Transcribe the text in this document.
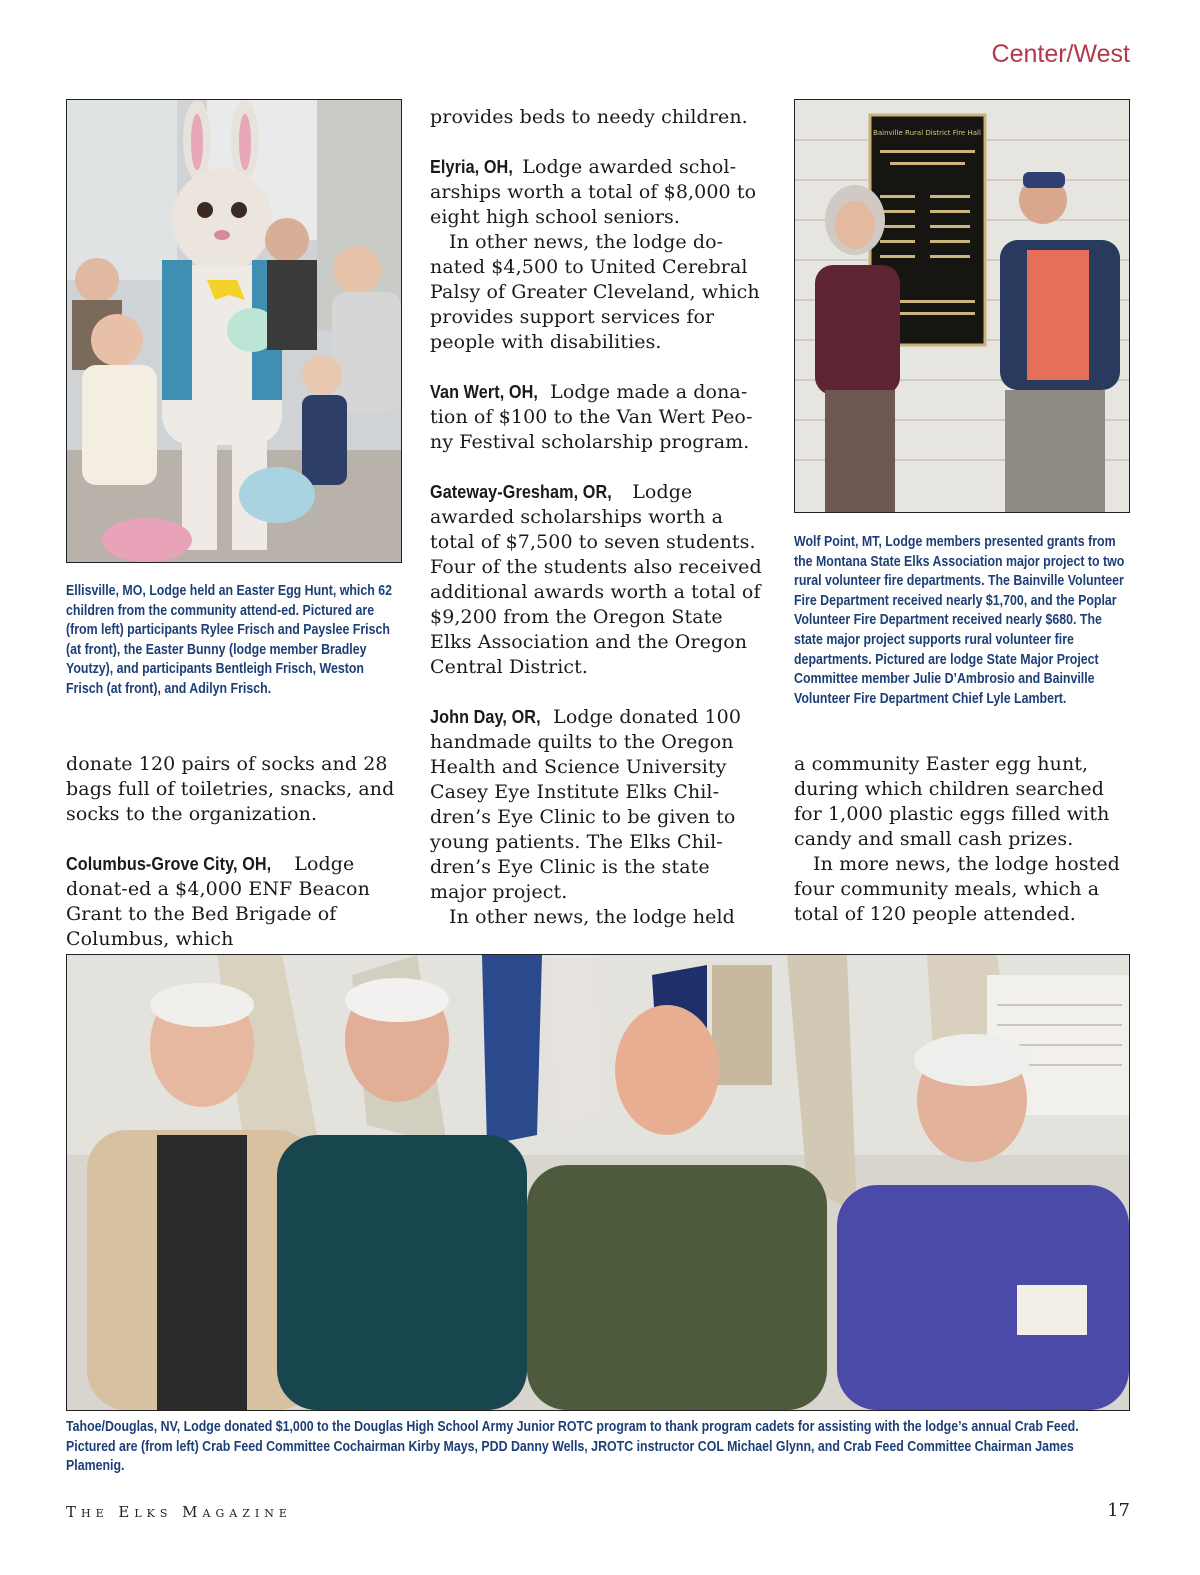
Center/West
Ellisville, MO, Lodge held an Easter Egg Hunt, which 62 children from the community attend-ed. Pictured are (from left) participants Rylee Frisch and Payslee Frisch (at front), the Easter Bunny (lodge member Bradley Youtzy), and participants Bentleigh Frisch, Weston Frisch (at front), and Adilyn Frisch.

donate 120 pairs of socks and 28 bags full of toiletries, snacks, and socks to the organization.

Columbus-Grove City, OH, Lodge donat-ed a $4,000 ENF Beacon Grant to the Bed Brigade of Columbus, which

provides beds to needy children.

Elyria, OH, Lodge awarded schol-arships worth a total of $8,000 to eight high school seniors.

In other news, the lodge do-nated $4,500 to United Cerebral Palsy of Greater Cleveland, which provides support services for people with disabilities.

Van Wert, OH, Lodge made a dona-tion of $100 to the Van Wert Peo-ny Festival scholarship program.

Gateway-Gresham, OR, Lodge awarded scholarships worth a total of $7,500 to seven students. Four of the students also received additional awards worth a total of $9,200 from the Oregon State Elks Association and the Oregon Central District.

John Day, OR, Lodge donated 100 handmade quilts to the Oregon Health and Science University Casey Eye Institute Elks Chil-dren’s Eye Clinic to be given to young patients. The Elks Chil-dren’s Eye Clinic is the state major project.

In other news, the lodge held

Bainville Rural District Fire Hall
Wolf Point, MT, Lodge members presented grants from the Montana State Elks Association major project to two rural volunteer fire departments. The Bainville Volunteer Fire Department received nearly $1,700, and the Poplar Volunteer Fire Department received nearly $680. The state major project supports rural volunteer fire departments. Pictured are lodge State Major Project Committee member Julie D’Ambrosio and Bainville Volunteer Fire Department Chief Lyle Lambert.

a community Easter egg hunt, during which children searched for 1,000 plastic eggs filled with candy and small cash prizes.

In more news, the lodge hosted four community meals, which a total of 120 people attended.

Tahoe/Douglas, NV, Lodge donated $1,000 to the Douglas High School Army Junior ROTC program to thank program cadets for assisting with the lodge’s annual Crab Feed. Pictured are (from left) Crab Feed Committee Cochairman Kirby Mays, PDD Danny Wells, JROTC instructor COL Michael Glynn, and Crab Feed Committee Chairman James Plamenig.
The Elks Magazine	17
